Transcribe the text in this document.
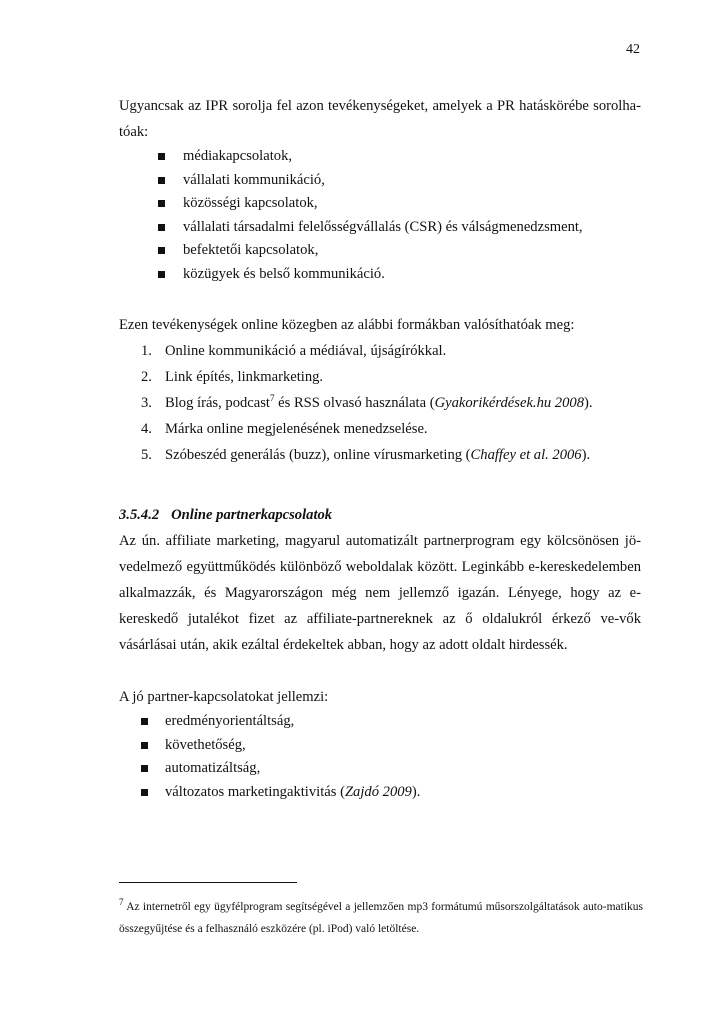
42

Ugyancsak az IPR sorolja fel azon tevékenységeket, amelyek a PR hatáskörébe sorolha-tóak:

médiakapcsolatok,
vállalati kommunikáció,
közösségi kapcsolatok,
vállalati társadalmi felelősségvállalás (CSR) és válságmenedzsment,
befektetői kapcsolatok,
közügyek és belső kommunikáció.

Ezen tevékenységek online közegben az alábbi formákban valósíthatóak meg:

1. Online kommunikáció a médiával, újságírókkal.
2. Link építés, linkmarketing.
3. Blog írás, podcast$^7$ és RSS olvasó használata (Gyakorikérdések.hu 2008).
4. Márka online megjelenésének menedzselése.
5. Szóbeszéd generálás (buzz), online vírusmarketing (Chaffey et al. 2006).
3.5.4.2 Online partnerkapcsolatok

Az ún. affiliate marketing, magyarul automatizált partnerprogram egy kölcsönösen jö-vedelmező együttműködés különböző weboldalak között. Leginkább e-kereskedelemben alkalmazzák, és Magyarországon még nem jellemző igazán. Lényege, hogy az e-kereskedő jutalékot fizet az affiliate-partnereknek az ő oldalukról érkező ve-vők vásárlásai után, akik ezáltal érdekeltek abban, hogy az adott oldalt hirdessék.

A jó partner-kapcsolatokat jellemzi:

eredményorientáltság,
követhetőség,
automatizáltság,
változatos marketingaktivitás (Zajdó 2009).
$^7$ Az internetről egy ügyfélprogram segítségével a jellemzően mp3 formátumú műsorszolgáltatások auto-matikus összegyűjtése és a felhasználó eszközére (pl. iPod) való letöltése.
